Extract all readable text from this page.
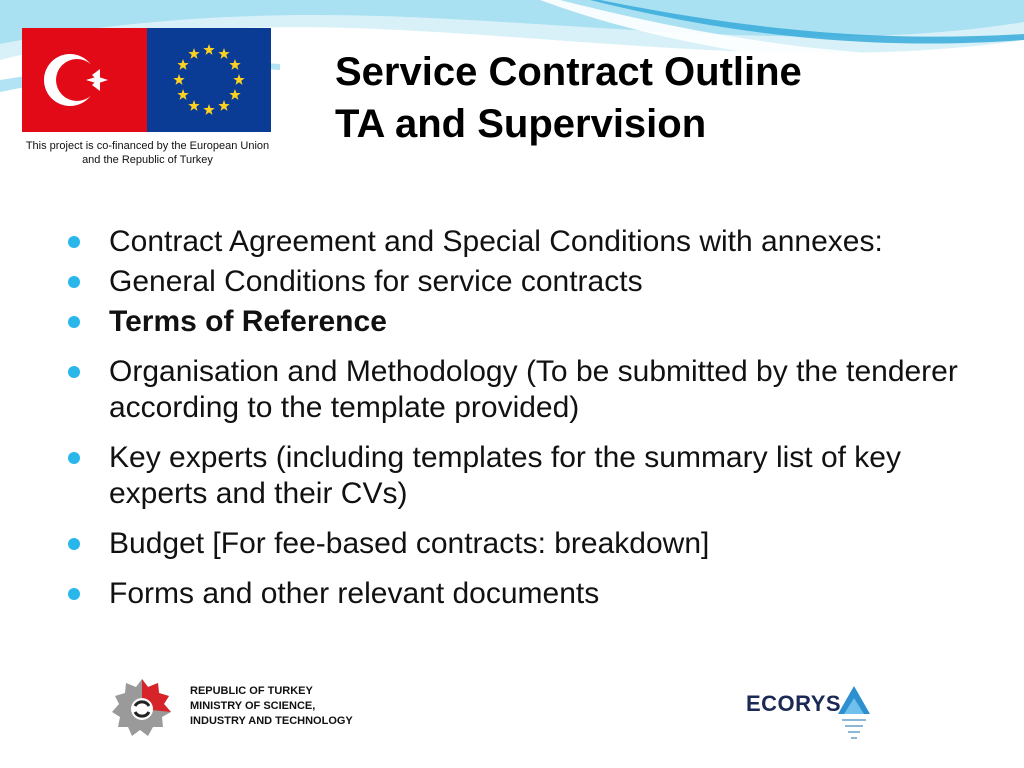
This project is co-financed by the European Union and the Republic of Turkey
Service Contract Outline
TA and Supervision
Contract Agreement and Special Conditions with annexes:
General Conditions for service contracts
Terms of Reference
Organisation and Methodology (To be submitted by the tenderer according to the template provided)
Key experts (including templates for the summary list of key experts and their CVs)
Budget [For fee-based contracts: breakdown]
Forms and other relevant documents
REPUBLIC OF TURKEY
MINISTRY OF SCIENCE,
INDUSTRY AND TECHNOLOGY
ECORYS
